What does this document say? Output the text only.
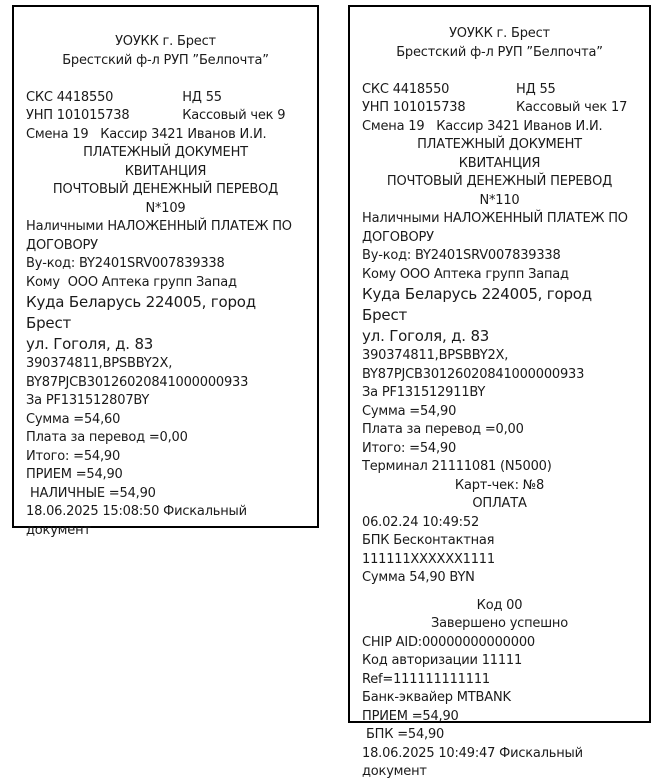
УОУКК г. Брест
Брестский ф-л РУП ”Белпочта”
СКС 4418550	НД 55
УНП 101015738	Кассовый чек 9
Смена 19   Кассир 3421 Иванов И.И.
ПЛАТЕЖНЫЙ ДОКУМЕНТ
КВИТАНЦИЯ
ПОЧТОВЫЙ ДЕНЕЖНЫЙ ПЕРЕВОД
N*109
Наличными НАЛОЖЕННЫЙ ПЛАТЕЖ ПО ДОГОВОРУ
Ву-код: BY2401SRV007839338
Кому  ООО Аптека групп Запад
Куда Беларусь 224005, город Брест
ул. Гоголя, д. 83
390374811,BPSBBY2X,
BY87PJCB30126020841000000933
За PF131512807BY
Сумма =54,60
Плата за перевод =0,00
Итого: =54,90
ПРИЕМ =54,90
НАЛИЧНЫЕ =54,90
18.06.2025 15:08:50 Фискальный документ
УОУКК г. Брест
Брестский ф-л РУП ”Белпочта”
СКС 4418550	НД 55
УНП 101015738	Кассовый чек 17
Смена 19   Кассир 3421 Иванов И.И.
ПЛАТЕЖНЫЙ ДОКУМЕНТ
КВИТАНЦИЯ
ПОЧТОВЫЙ ДЕНЕЖНЫЙ ПЕРЕВОД
N*110
Наличными НАЛОЖЕННЫЙ ПЛАТЕЖ ПО ДОГОВОРУ
Ву-код: BY2401SRV007839338
Кому ООО Аптека групп Запад
Куда Беларусь 224005, город Брест
ул. Гоголя, д. 83
390374811,BPSBBY2X,
BY87PJCB30126020841000000933
За PF131512911BY
Сумма =54,90
Плата за перевод =0,00
Итого: =54,90
Терминал 21111081 (N5000)
Карт-чек: №8
ОПЛАТА
06.02.24 10:49:52
БПК Бесконтактная
111111XXXXXX1111
Сумма 54,90 BYN
Код 00
Завершено успешно
CHIP AID:00000000000000
Код авторизации 11111
Ref=111111111111
Банк-эквайер MTBANK
ПРИЕМ =54,90
БПК =54,90
18.06.2025 10:49:47 Фискальный документ
